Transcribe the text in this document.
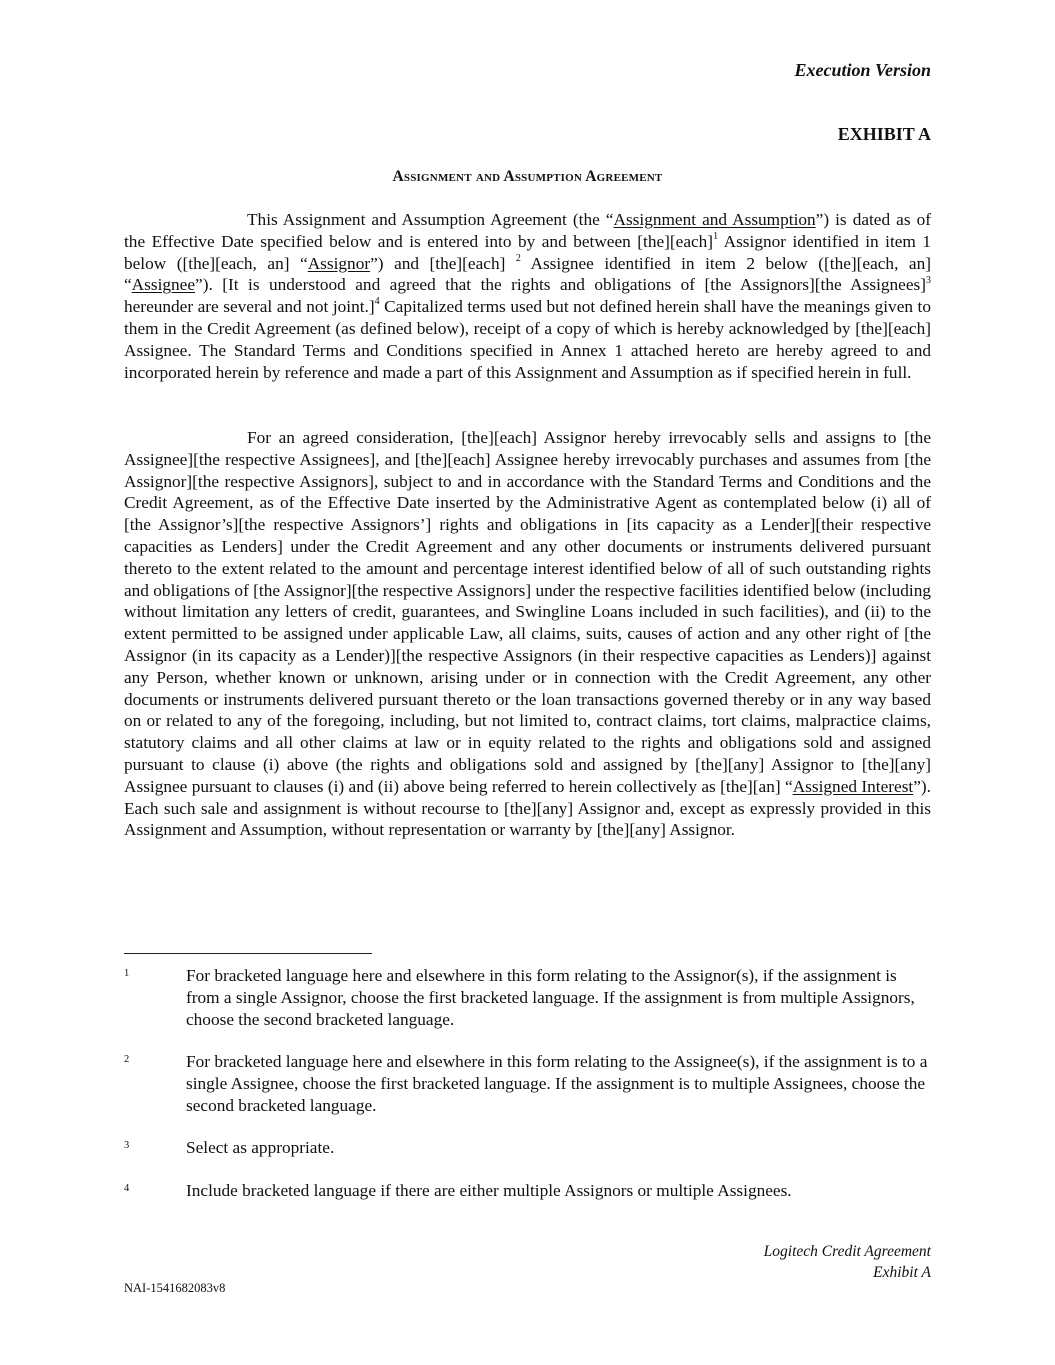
Execution Version
EXHIBIT A
Assignment and Assumption Agreement

This Assignment and Assumption Agreement (the “Assignment and Assumption”) is dated as of the Effective Date specified below and is entered into by and between [the][each]$^1$ Assignor identified in item 1 below ([the][each, an] “Assignor”) and [the][each] $^2$ Assignee identified in item 2 below ([the][each, an] “Assignee”). [It is understood and agreed that the rights and obligations of [the Assignors][the Assignees]$^3$ hereunder are several and not joint.]$^4$ Capitalized terms used but not defined herein shall have the meanings given to them in the Credit Agreement (as defined below), receipt of a copy of which is hereby acknowledged by [the][each] Assignee. The Standard Terms and Conditions specified in Annex 1 attached hereto are hereby agreed to and incorporated herein by reference and made a part of this Assignment and Assumption as if specified herein in full.

For an agreed consideration, [the][each] Assignor hereby irrevocably sells and assigns to [the Assignee][the respective Assignees], and [the][each] Assignee hereby irrevocably purchases and assumes from [the Assignor][the respective Assignors], subject to and in accordance with the Standard Terms and Conditions and the Credit Agreement, as of the Effective Date inserted by the Administrative Agent as contemplated below (i) all of [the Assignor’s][the respective Assignors’] rights and obligations in [its capacity as a Lender][their respective capacities as Lenders] under the Credit Agreement and any other documents or instruments delivered pursuant thereto to the extent related to the amount and percentage interest identified below of all of such outstanding rights and obligations of [the Assignor][the respective Assignors] under the respective facilities identified below (including without limitation any letters of credit, guarantees, and Swingline Loans included in such facilities), and (ii) to the extent permitted to be assigned under applicable Law, all claims, suits, causes of action and any other right of [the Assignor (in its capacity as a Lender)][the respective Assignors (in their respective capacities as Lenders)] against any Person, whether known or unknown, arising under or in connection with the Credit Agreement, any other documents or instruments delivered pursuant thereto or the loan transactions governed thereby or in any way based on or related to any of the foregoing, including, but not limited to, contract claims, tort claims, malpractice claims, statutory claims and all other claims at law or in equity related to the rights and obligations sold and assigned pursuant to clause (i) above (the rights and obligations sold and assigned by [the][any] Assignor to [the][any] Assignee pursuant to clauses (i) and (ii) above being referred to herein collectively as [the][an] “Assigned Interest”). Each such sale and assignment is without recourse to [the][any] Assignor and, except as expressly provided in this Assignment and Assumption, without representation or warranty by [the][any] Assignor.

1	For bracketed language here and elsewhere in this form relating to the Assignor(s), if the assignment is from a single Assignor, choose the first bracketed language. If the assignment is from multiple Assignors, choose the second bracketed language.
2	For bracketed language here and elsewhere in this form relating to the Assignee(s), if the assignment is to a single Assignee, choose the first bracketed language. If the assignment is to multiple Assignees, choose the second bracketed language.
3	Select as appropriate.
4	Include bracketed language if there are either multiple Assignors or multiple Assignees.
Logitech Credit Agreement
Exhibit A
NAI-1541682083v8
